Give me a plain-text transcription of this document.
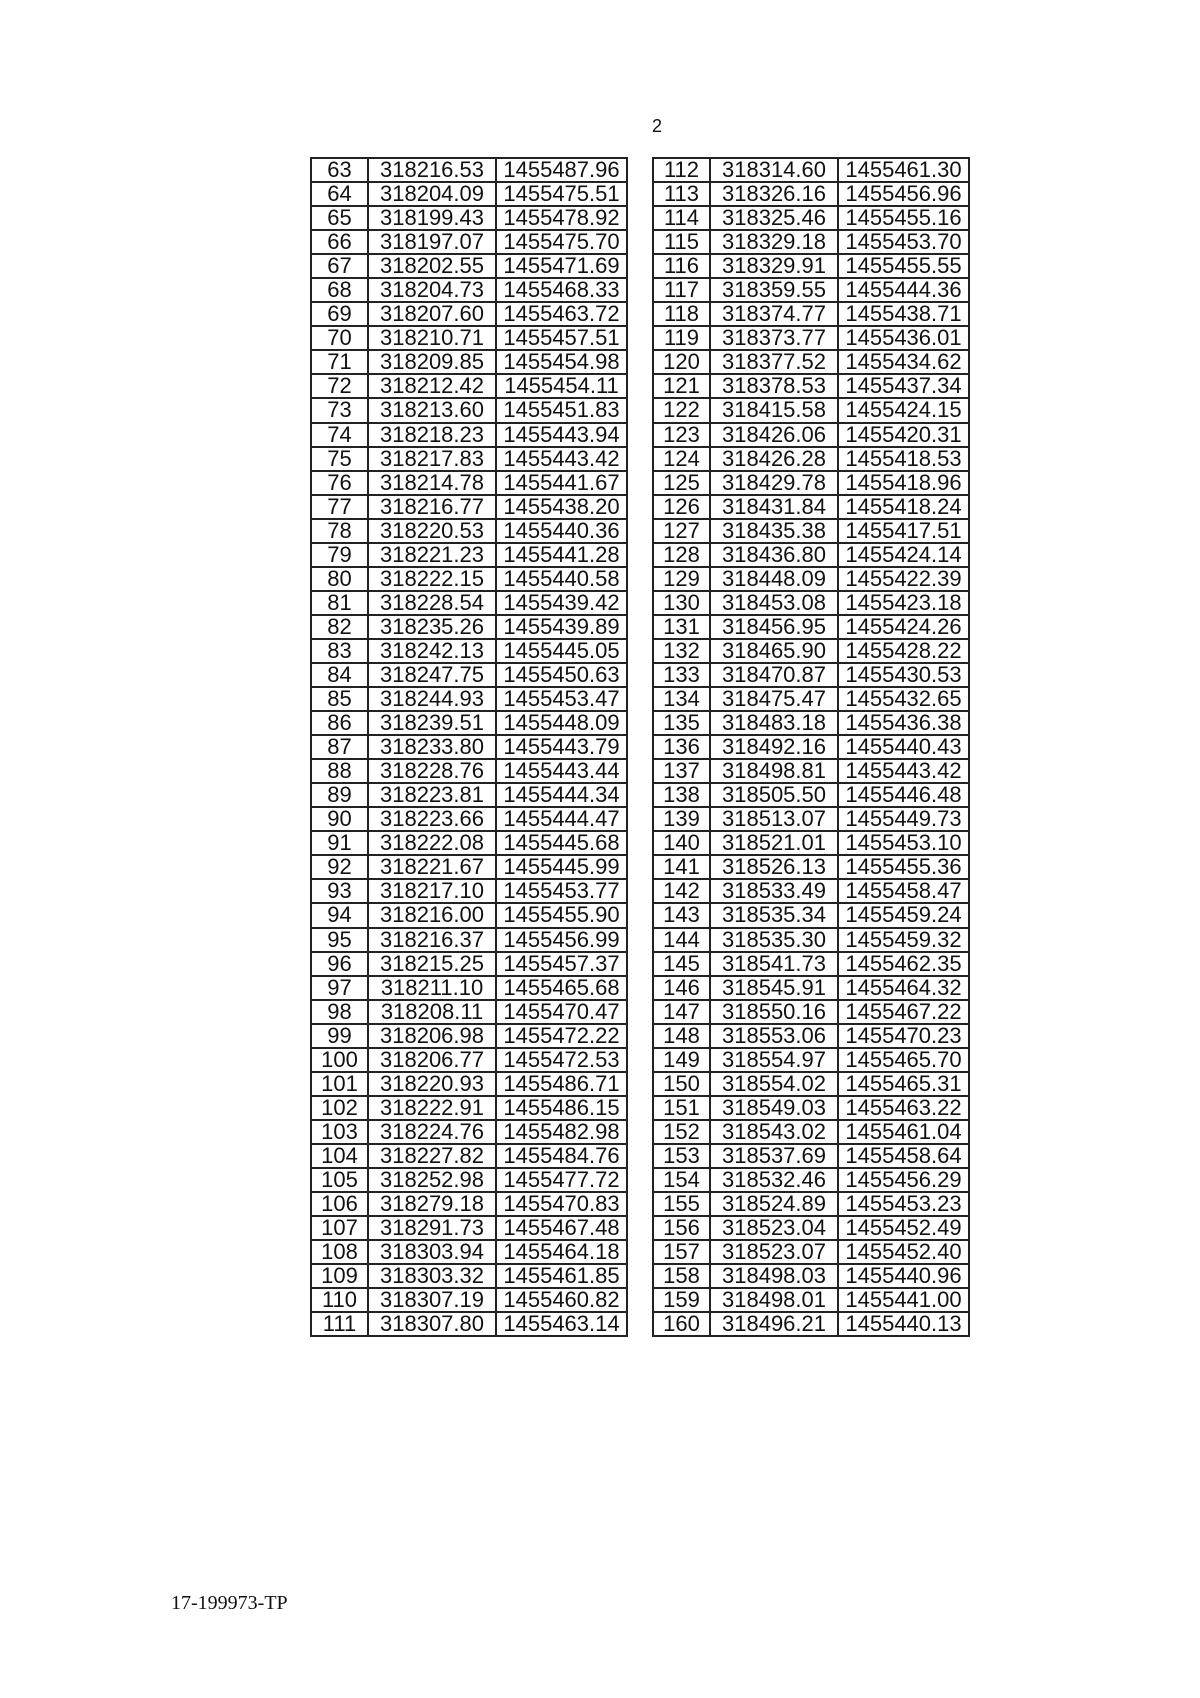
2
63	318216.53	1455487.96
64	318204.09	1455475.51
65	318199.43	1455478.92
66	318197.07	1455475.70
67	318202.55	1455471.69
68	318204.73	1455468.33
69	318207.60	1455463.72
70	318210.71	1455457.51
71	318209.85	1455454.98
72	318212.42	1455454.11
73	318213.60	1455451.83
74	318218.23	1455443.94
75	318217.83	1455443.42
76	318214.78	1455441.67
77	318216.77	1455438.20
78	318220.53	1455440.36
79	318221.23	1455441.28
80	318222.15	1455440.58
81	318228.54	1455439.42
82	318235.26	1455439.89
83	318242.13	1455445.05
84	318247.75	1455450.63
85	318244.93	1455453.47
86	318239.51	1455448.09
87	318233.80	1455443.79
88	318228.76	1455443.44
89	318223.81	1455444.34
90	318223.66	1455444.47
91	318222.08	1455445.68
92	318221.67	1455445.99
93	318217.10	1455453.77
94	318216.00	1455455.90
95	318216.37	1455456.99
96	318215.25	1455457.37
97	318211.10	1455465.68
98	318208.11	1455470.47
99	318206.98	1455472.22
100	318206.77	1455472.53
101	318220.93	1455486.71
102	318222.91	1455486.15
103	318224.76	1455482.98
104	318227.82	1455484.76
105	318252.98	1455477.72
106	318279.18	1455470.83
107	318291.73	1455467.48
108	318303.94	1455464.18
109	318303.32	1455461.85
110	318307.19	1455460.82
111	318307.80	1455463.14
112	318314.60	1455461.30
113	318326.16	1455456.96
114	318325.46	1455455.16
115	318329.18	1455453.70
116	318329.91	1455455.55
117	318359.55	1455444.36
118	318374.77	1455438.71
119	318373.77	1455436.01
120	318377.52	1455434.62
121	318378.53	1455437.34
122	318415.58	1455424.15
123	318426.06	1455420.31
124	318426.28	1455418.53
125	318429.78	1455418.96
126	318431.84	1455418.24
127	318435.38	1455417.51
128	318436.80	1455424.14
129	318448.09	1455422.39
130	318453.08	1455423.18
131	318456.95	1455424.26
132	318465.90	1455428.22
133	318470.87	1455430.53
134	318475.47	1455432.65
135	318483.18	1455436.38
136	318492.16	1455440.43
137	318498.81	1455443.42
138	318505.50	1455446.48
139	318513.07	1455449.73
140	318521.01	1455453.10
141	318526.13	1455455.36
142	318533.49	1455458.47
143	318535.34	1455459.24
144	318535.30	1455459.32
145	318541.73	1455462.35
146	318545.91	1455464.32
147	318550.16	1455467.22
148	318553.06	1455470.23
149	318554.97	1455465.70
150	318554.02	1455465.31
151	318549.03	1455463.22
152	318543.02	1455461.04
153	318537.69	1455458.64
154	318532.46	1455456.29
155	318524.89	1455453.23
156	318523.04	1455452.49
157	318523.07	1455452.40
158	318498.03	1455440.96
159	318498.01	1455441.00
160	318496.21	1455440.13
17-199973-TP
